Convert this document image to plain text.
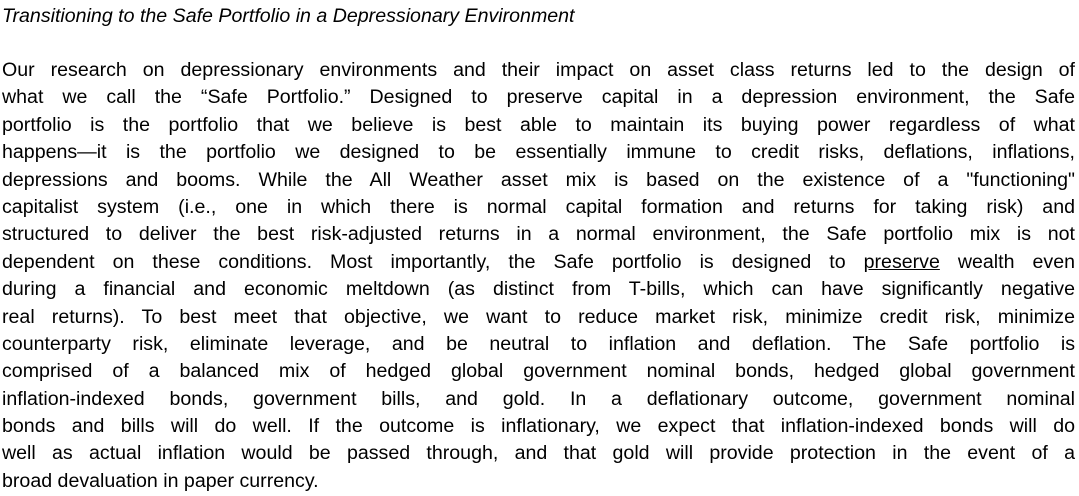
Transitioning to the Safe Portfolio in a Depressionary Environment

Our research on depressionary environments and their impact on asset class returns led to the design of
what we call the “Safe Portfolio.” Designed to preserve capital in a depression environment, the Safe
portfolio is the portfolio that we believe is best able to maintain its buying power regardless of what
happens—it is the portfolio we designed to be essentially immune to credit risks, deflations, inflations,
depressions and booms. While the All Weather asset mix is based on the existence of a "functioning"
capitalist system (i.e., one in which there is normal capital formation and returns for taking risk) and
structured to deliver the best risk-adjusted returns in a normal environment, the Safe portfolio mix is not
dependent on these conditions. Most importantly, the Safe portfolio is designed to preserve wealth even
during a financial and economic meltdown (as distinct from T-bills, which can have significantly negative
real returns). To best meet that objective, we want to reduce market risk, minimize credit risk, minimize
counterparty risk, eliminate leverage, and be neutral to inflation and deflation. The Safe portfolio is
comprised of a balanced mix of hedged global government nominal bonds, hedged global government
inflation-indexed bonds, government bills, and gold. In a deflationary outcome, government nominal
bonds and bills will do well. If the outcome is inflationary, we expect that inflation-indexed bonds will do
well as actual inflation would be passed through, and that gold will provide protection in the event of a
broad devaluation in paper currency.
